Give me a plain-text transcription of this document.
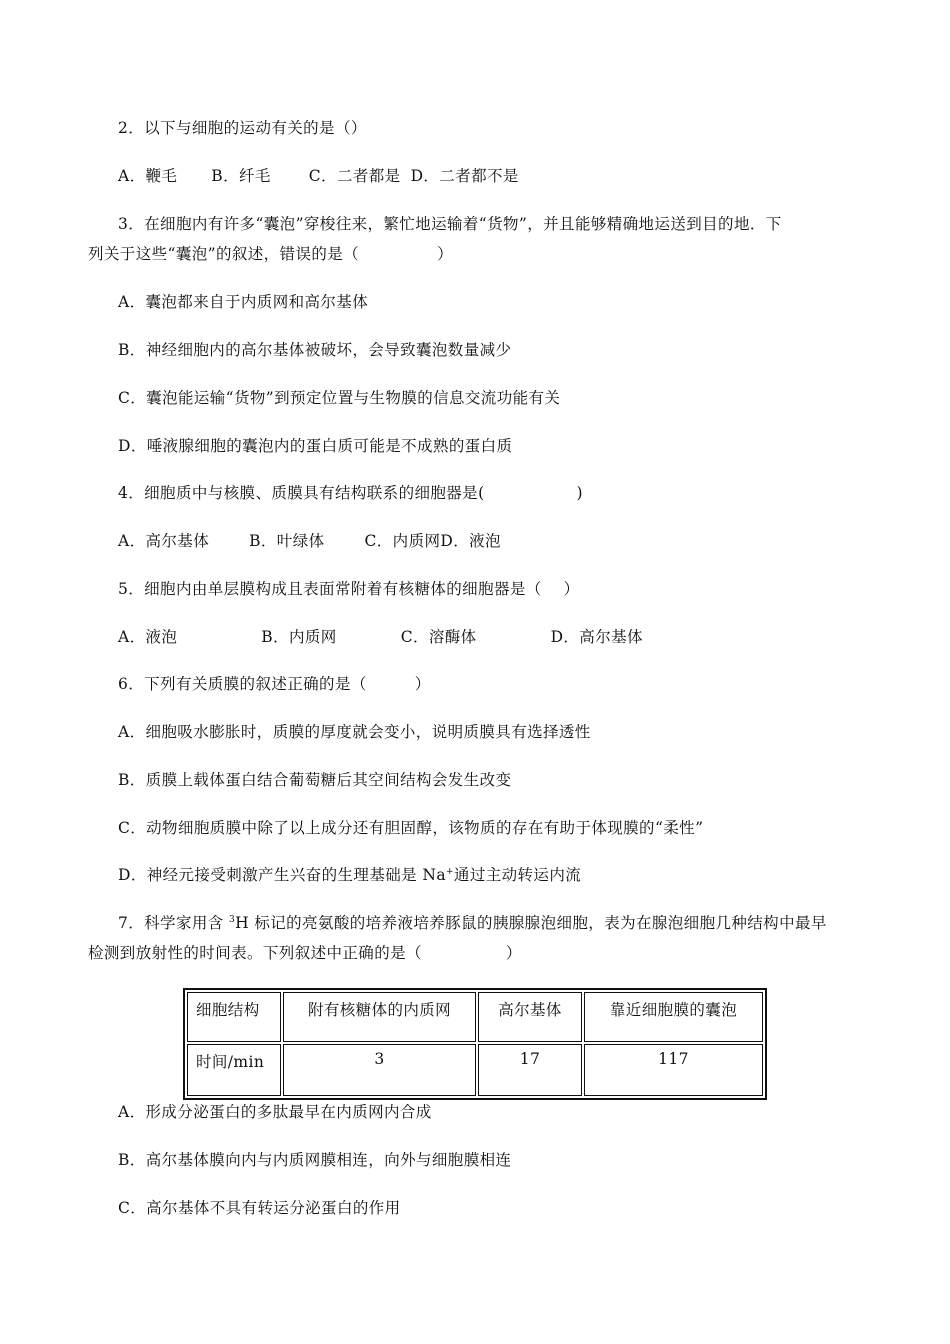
2．以下与细胞的运动有关的是（）
A．鞭毛 B．纤毛 C．二者都是 D．二者都不是
3．在细胞内有许多“囊泡”穿梭往来，繁忙地运输着“货物”，并且能够精确地运送到目的地．下
列关于这些“囊泡”的叙述，错误的是（	）
A．囊泡都来自于内质网和高尔基体
B．神经细胞内的高尔基体被破坏，会导致囊泡数量减少
C．囊泡能运输“货物”到预定位置与生物膜的信息交流功能有关
D．唾液腺细胞的囊泡内的蛋白质可能是不成熟的蛋白质
4．细胞质中与核膜、质膜具有结构联系的细胞器是(	)
A．高尔基体	B．叶绿体	C．内质网D．液泡
5．细胞内由单层膜构成且表面常附着有核糖体的细胞器是（ ）
A．液泡	B．内质网	C．溶酶体	D．高尔基体
6．下列有关质膜的叙述正确的是（	）
A．细胞吸水膨胀时，质膜的厚度就会变小，说明质膜具有选择透性
B．质膜上载体蛋白结合葡萄糖后其空间结构会发生改变
C．动物细胞质膜中除了以上成分还有胆固醇，该物质的存在有助于体现膜的“柔性”
D．神经元接受刺激产生兴奋的生理基础是 Na+通过主动转运内流
7．科学家用含 $^3$H 标记的亮氨酸的培养液培养豚鼠的胰腺腺泡细胞，表为在腺泡细胞几种结构中最早
检测到放射性的时间表。下列叙述中正确的是（	）
细胞结构	附有核糖体的内质网	高尔基体	靠近细胞膜的囊泡
时间/min	3	17	117
A．形成分泌蛋白的多肽最早在内质网内合成
B．高尔基体膜向内与内质网膜相连，向外与细胞膜相连
C．高尔基体不具有转运分泌蛋白的作用
